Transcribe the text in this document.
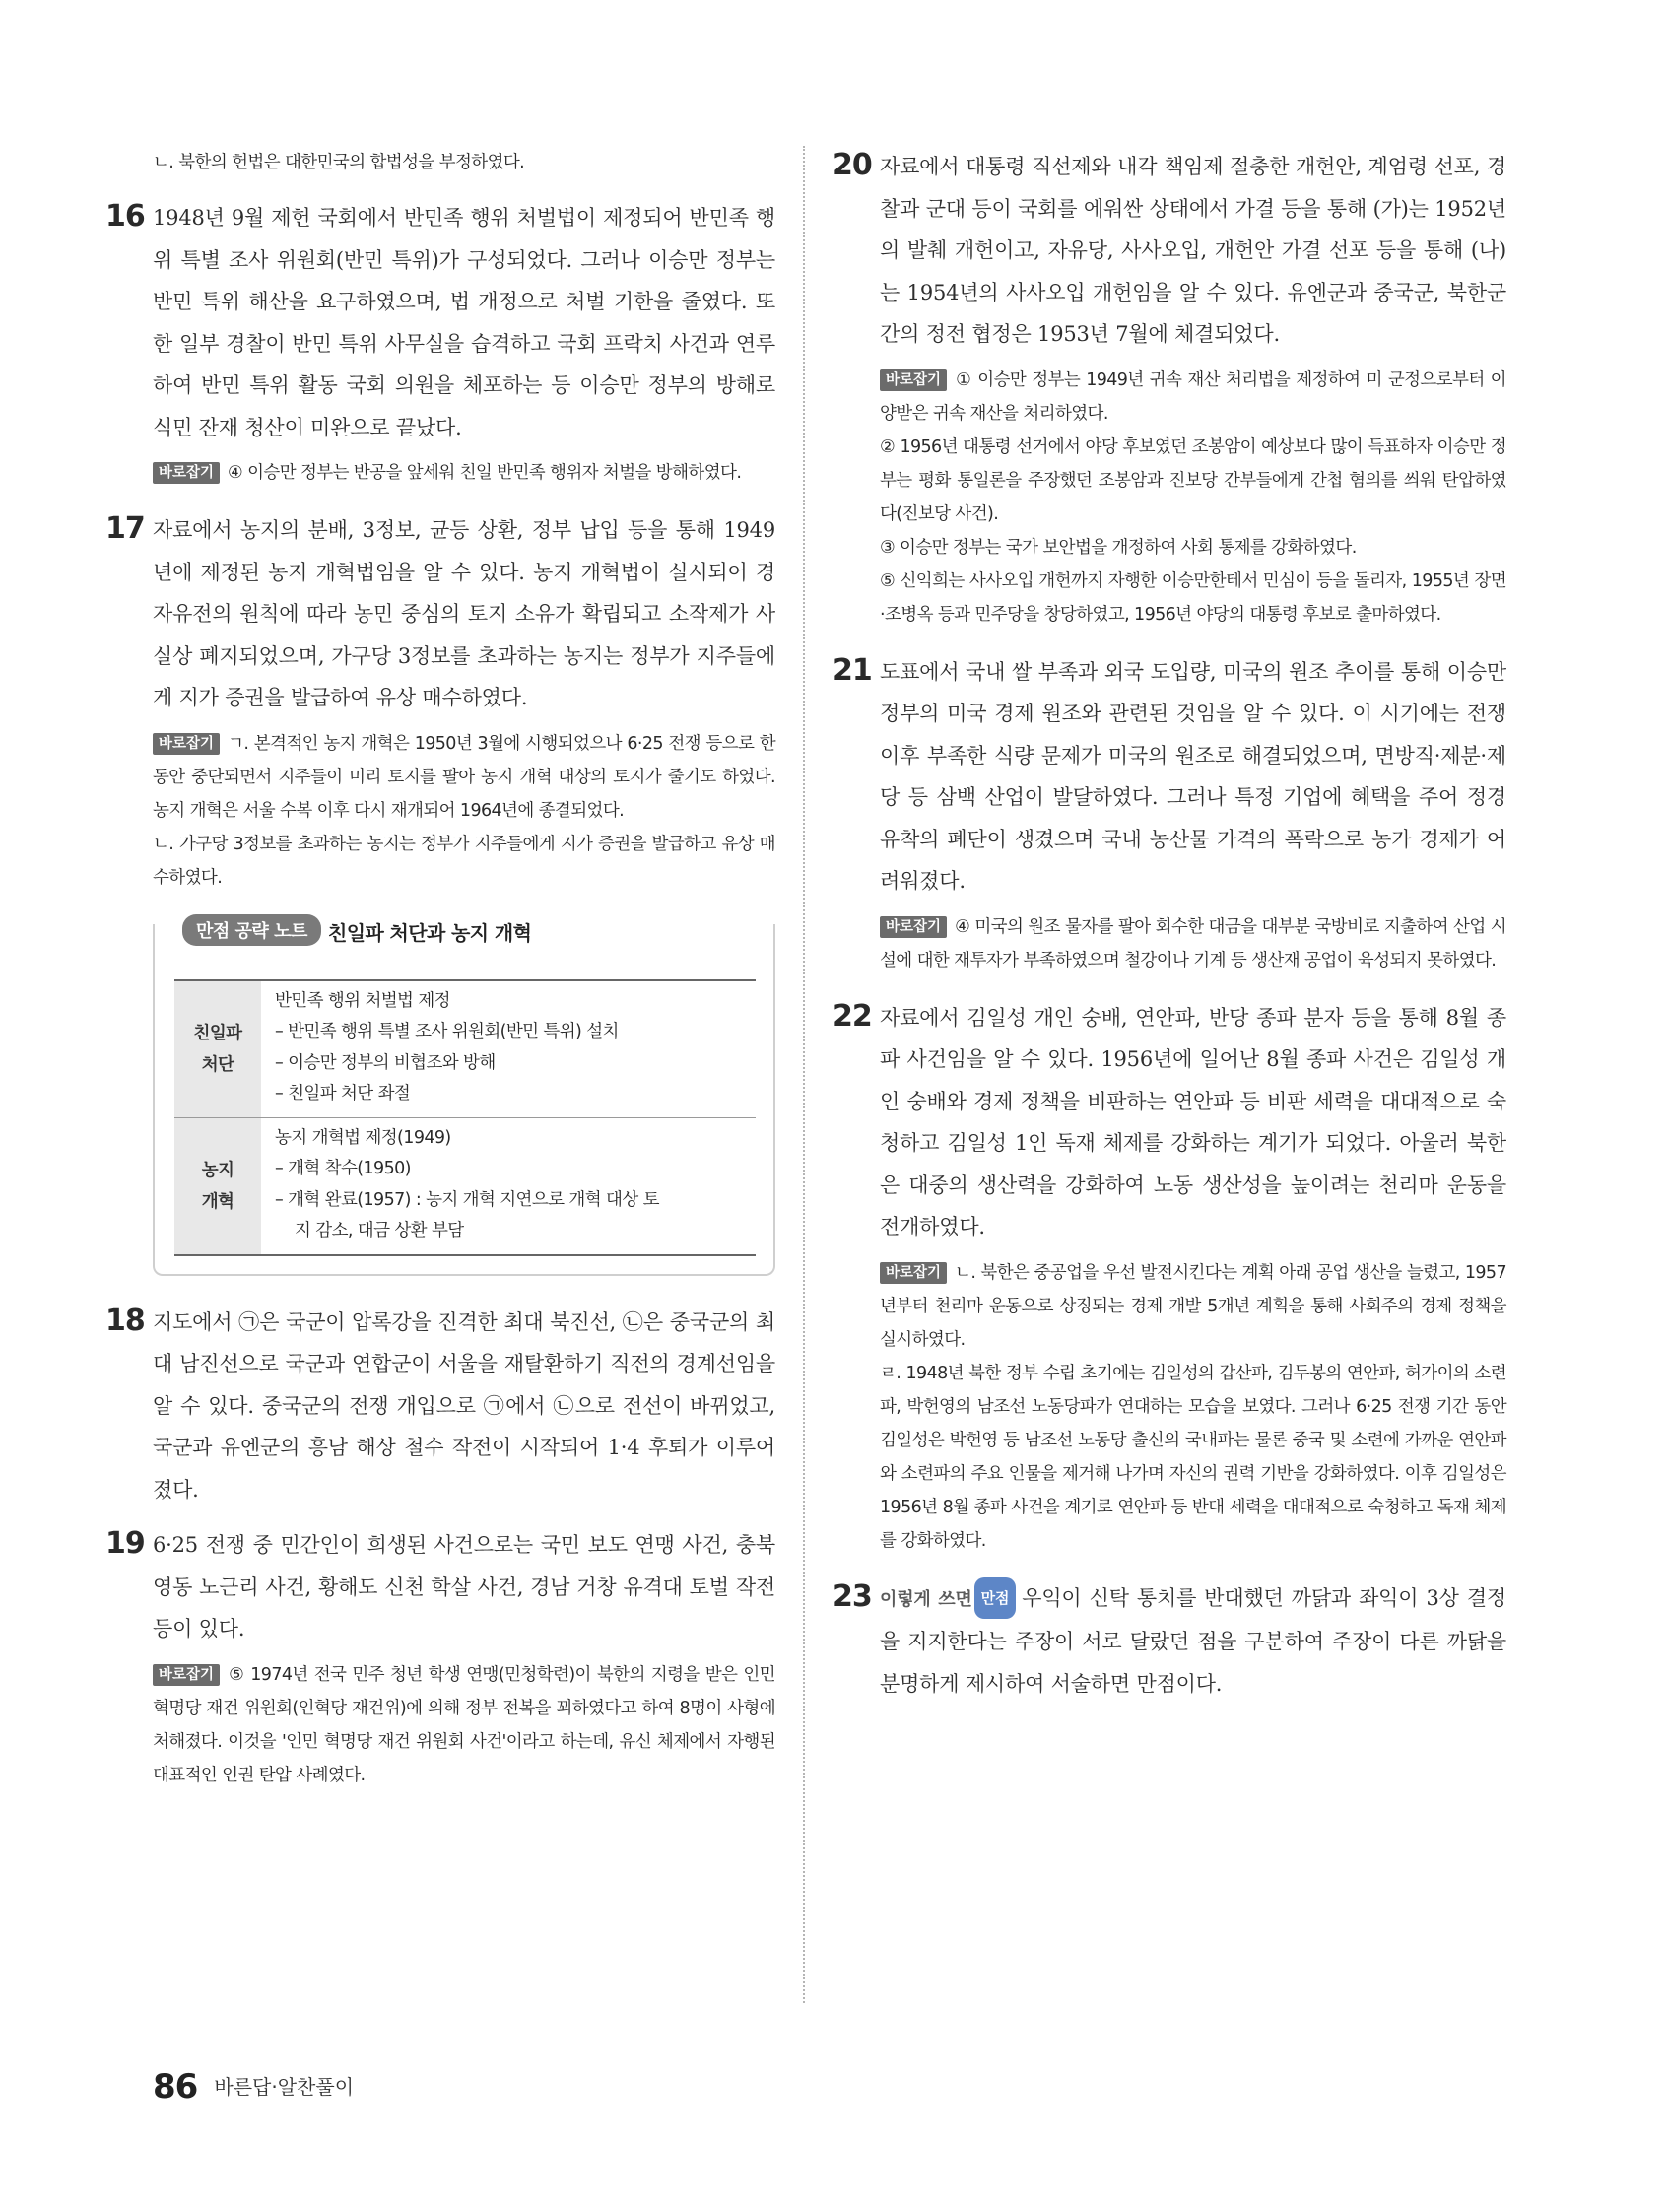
ㄴ. 북한의 헌법은 대한민국의 합법성을 부정하였다.
16 1948년 9월 제헌 국회에서 반민족 행위 처벌법이 제정되어 반민족 행위 특별 조사 위원회(반민 특위)가 구성되었다. 그러나 이승만 정부는 반민 특위 해산을 요구하였으며, 법 개정으로 처벌 기한을 줄였다. 또한 일부 경찰이 반민 특위 사무실을 습격하고 국회 프락치 사건과 연루하여 반민 특위 활동 국회 의원을 체포하는 등 이승만 정부의 방해로 식민 잔재 청산이 미완으로 끝났다.
바로잡기 ④ 이승만 정부는 반공을 앞세워 친일 반민족 행위자 처벌을 방해하였다.
17 자료에서 농지의 분배, 3정보, 균등 상환, 정부 납입 등을 통해 1949년에 제정된 농지 개혁법임을 알 수 있다. 농지 개혁법이 실시되어 경자유전의 원칙에 따라 농민 중심의 토지 소유가 확립되고 소작제가 사실상 폐지되었으며, 가구당 3정보를 초과하는 농지는 정부가 지주들에게 지가 증권을 발급하여 유상 매수하였다.
바로잡기 ㄱ. 본격적인 농지 개혁은 1950년 3월에 시행되었으나 6·25 전쟁 등으로 한동안 중단되면서 지주들이 미리 토지를 팔아 농지 개혁 대상의 토지가 줄기도 하였다. 농지 개혁은 서울 수복 이후 다시 재개되어 1964년에 종결되었다.
ㄴ. 가구당 3정보를 초과하는 농지는 정부가 지주들에게 지가 증권을 발급하고 유상 매수하였다.
만점 공략 노트	친일파 처단과 농지 개혁
친일파
처단	반민족 행위 처벌법 제정
– 반민족 행위 특별 조사 위원회(반민 특위) 설치
– 이승만 정부의 비협조와 방해
– 친일파 처단 좌절

농지
개혁	농지 개혁법 제정(1949)
– 개혁 착수(1950)
– 개혁 완료(1957) : 농지 개혁 지연으로 개혁 대상 토
지 감소, 대금 상환 부담
18 지도에서 ㉠은 국군이 압록강을 진격한 최대 북진선, ㉡은 중국군의 최대 남진선으로 국군과 연합군이 서울을 재탈환하기 직전의 경계선임을 알 수 있다. 중국군의 전쟁 개입으로 ㉠에서 ㉡으로 전선이 바뀌었고, 국군과 유엔군의 흥남 해상 철수 작전이 시작되어 1·4 후퇴가 이루어졌다.
19 6·25 전쟁 중 민간인이 희생된 사건으로는 국민 보도 연맹 사건, 충북 영동 노근리 사건, 황해도 신천 학살 사건, 경남 거창 유격대 토벌 작전 등이 있다.
바로잡기 ⑤ 1974년 전국 민주 청년 학생 연맹(민청학련)이 북한의 지령을 받은 인민 혁명당 재건 위원회(인혁당 재건위)에 의해 정부 전복을 꾀하였다고 하여 8명이 사형에 처해졌다. 이것을 '인민 혁명당 재건 위원회 사건'이라고 하는데, 유신 체제에서 자행된 대표적인 인권 탄압 사례였다.
20 자료에서 대통령 직선제와 내각 책임제 절충한 개헌안, 계엄령 선포, 경찰과 군대 등이 국회를 에워싼 상태에서 가결 등을 통해 (가)는 1952년의 발췌 개헌이고, 자유당, 사사오입, 개헌안 가결 선포 등을 통해 (나)는 1954년의 사사오입 개헌임을 알 수 있다. 유엔군과 중국군, 북한군 간의 정전 협정은 1953년 7월에 체결되었다.
바로잡기 ① 이승만 정부는 1949년 귀속 재산 처리법을 제정하여 미 군정으로부터 이양받은 귀속 재산을 처리하였다.
② 1956년 대통령 선거에서 야당 후보였던 조봉암이 예상보다 많이 득표하자 이승만 정부는 평화 통일론을 주장했던 조봉암과 진보당 간부들에게 간첩 혐의를 씌워 탄압하였다(진보당 사건).
③ 이승만 정부는 국가 보안법을 개정하여 사회 통제를 강화하였다.
⑤ 신익희는 사사오입 개헌까지 자행한 이승만한테서 민심이 등을 돌리자, 1955년 장면·조병옥 등과 민주당을 창당하였고, 1956년 야당의 대통령 후보로 출마하였다.
21 도표에서 국내 쌀 부족과 외국 도입량, 미국의 원조 추이를 통해 이승만 정부의 미국 경제 원조와 관련된 것임을 알 수 있다. 이 시기에는 전쟁 이후 부족한 식량 문제가 미국의 원조로 해결되었으며, 면방직·제분·제당 등 삼백 산업이 발달하였다. 그러나 특정 기업에 혜택을 주어 정경 유착의 폐단이 생겼으며 국내 농산물 가격의 폭락으로 농가 경제가 어려워졌다.
바로잡기 ④ 미국의 원조 물자를 팔아 회수한 대금을 대부분 국방비로 지출하여 산업 시설에 대한 재투자가 부족하였으며 철강이나 기계 등 생산재 공업이 육성되지 못하였다.
22 자료에서 김일성 개인 숭배, 연안파, 반당 종파 분자 등을 통해 8월 종파 사건임을 알 수 있다. 1956년에 일어난 8월 종파 사건은 김일성 개인 숭배와 경제 정책을 비판하는 연안파 등 비판 세력을 대대적으로 숙청하고 김일성 1인 독재 체제를 강화하는 계기가 되었다. 아울러 북한은 대중의 생산력을 강화하여 노동 생산성을 높이려는 천리마 운동을 전개하였다.
바로잡기 ㄴ. 북한은 중공업을 우선 발전시킨다는 계획 아래 공업 생산을 늘렸고, 1957년부터 천리마 운동으로 상징되는 경제 개발 5개년 계획을 통해 사회주의 경제 정책을 실시하였다.
ㄹ. 1948년 북한 정부 수립 초기에는 김일성의 갑산파, 김두봉의 연안파, 허가이의 소련파, 박헌영의 남조선 노동당파가 연대하는 모습을 보였다. 그러나 6·25 전쟁 기간 동안 김일성은 박헌영 등 남조선 노동당 출신의 국내파는 물론 중국 및 소련에 가까운 연안파와 소련파의 주요 인물을 제거해 나가며 자신의 권력 기반을 강화하였다. 이후 김일성은 1956년 8월 종파 사건을 계기로 연안파 등 반대 세력을 대대적으로 숙청하고 독재 체제를 강화하였다.
23 이렇게 쓰면 만점 우익이 신탁 통치를 반대했던 까닭과 좌익이 3상 결정을 지지한다는 주장이 서로 달랐던 점을 구분하여 주장이 다른 까닭을 분명하게 제시하여 서술하면 만점이다.
86 바른답·알찬풀이
